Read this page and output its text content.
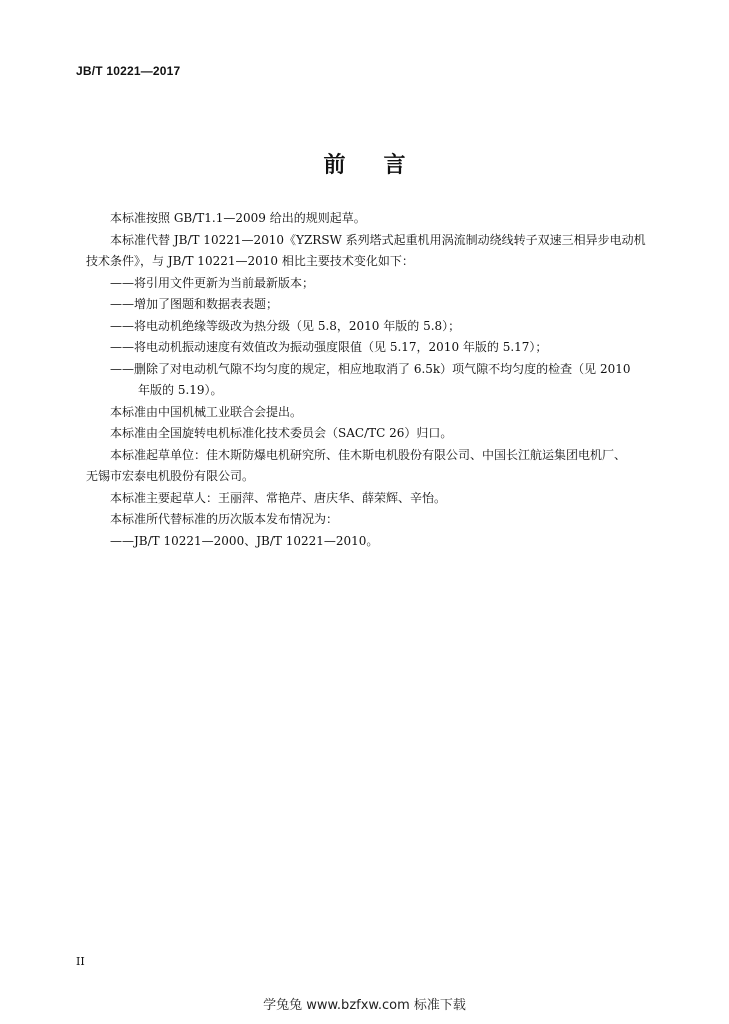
JB/T 10221—2017
前 言

本标准按照 GB/T1.1—2009 给出的规则起草。

本标准代替 JB/T 10221—2010《YZRSW 系列塔式起重机用涡流制动绕线转子双速三相异步电动机

技术条件》，与 JB/T 10221—2010 相比主要技术变化如下：

——将引用文件更新为当前最新版本；

——增加了图题和数据表表题；

——将电动机绝缘等级改为热分级（见 5.8，2010 年版的 5.8）；

——将电动机振动速度有效值改为振动强度限值（见 5.17，2010 年版的 5.17）；

——删除了对电动机气隙不均匀度的规定，相应地取消了 6.5k）项气隙不均匀度的检查（见 2010

年版的 5.19）。

本标准由中国机械工业联合会提出。

本标准由全国旋转电机标准化技术委员会（SAC/TC 26）归口。

本标准起草单位：佳木斯防爆电机研究所、佳木斯电机股份有限公司、中国长江航运集团电机厂、

无锡市宏泰电机股份有限公司。

本标准主要起草人：王丽萍、常艳芹、唐庆华、薛荣辉、辛怡。

本标准所代替标准的历次版本发布情况为：

——JB/T 10221—2000、JB/T 10221—2010。

II
学兔兔 www.bzfxw.com 标准下载
